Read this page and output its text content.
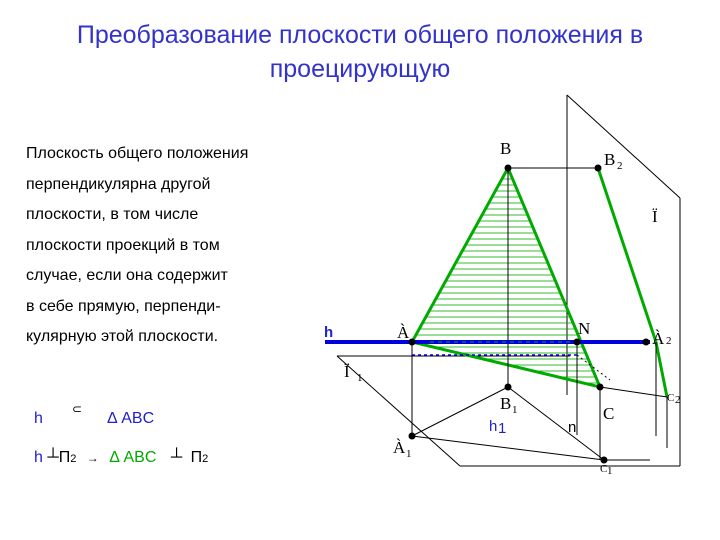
Преобразование плоскости общего положения в проецирующую
Плоскость общего положения
перпендикулярна другой
плоскости, в том числе
плоскости проекций в том
случае, если она содержит
в себе прямую, перпенди-
кулярную этой плоскости.
h
⊂
Δ ABC
h ┴П2 → Δ ABC ┴ П2
B
B 2
Ï
h	À	N
À 2
Ï 1
B 1
C 2
h 1	n
C
À 1
C 1
